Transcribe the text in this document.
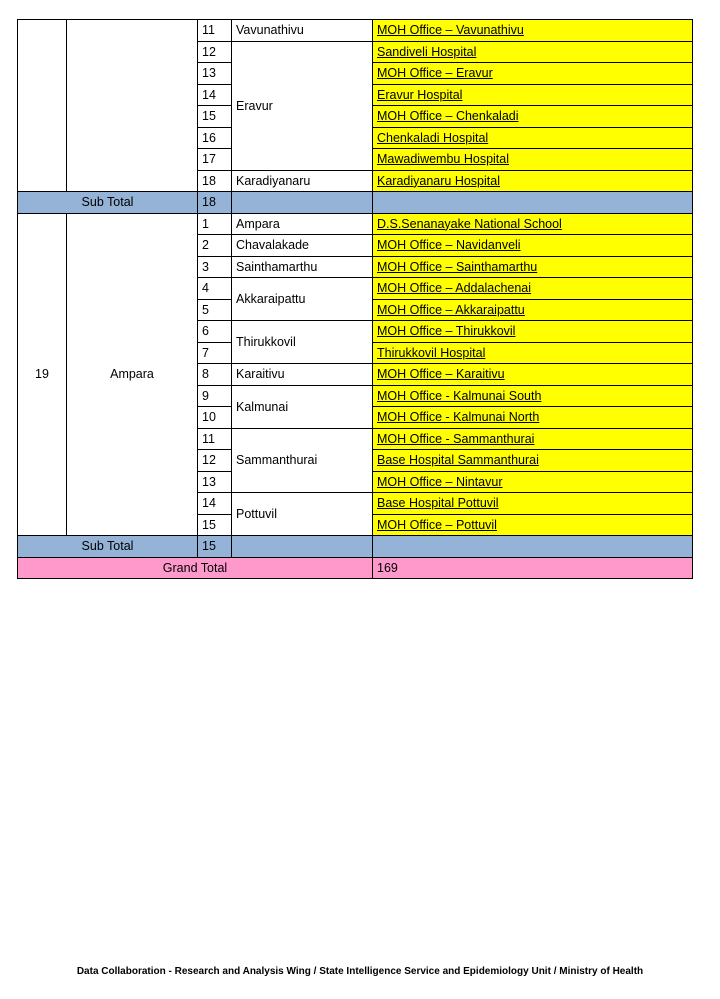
		11	Vavunathivu	MOH Office – Vavunathivu
		12	Eravur	Sandiveli Hospital
		13		MOH Office – Eravur
		14		Eravur Hospital
		15		MOH Office – Chenkaladi
		16		Chenkaladi Hospital
		17		Mawadiwembu Hospital
		18	Karadiyanaru	Karadiyanaru Hospital
Sub Total		18		
19	Ampara	1	Ampara	D.S.Senanayake National School
		2	Chavalakade	MOH Office – Navidanveli
		3	Sainthamarthu	MOH Office – Sainthamarthu
		4	Akkaraipattu	MOH Office – Addalachenai
		5		MOH Office – Akkaraipattu
		6	Thirukkovil	MOH Office – Thirukkovil
		7		Thirukkovil Hospital
		8	Karaitivu	MOH Office – Karaitivu
		9	Kalmunai	MOH Office - Kalmunai South
		10		MOH Office - Kalmunai North
		11	Sammanthurai	MOH Office - Sammanthurai
		12		Base Hospital Sammanthurai
		13		MOH Office – Nintavur
		14	Pottuvil	Base Hospital Pottuvil
		15		MOH Office – Pottuvil
Sub Total		15		
Grand Total				169
Data Collaboration - Research and Analysis Wing / State Intelligence Service and Epidemiology Unit / Ministry of Health
